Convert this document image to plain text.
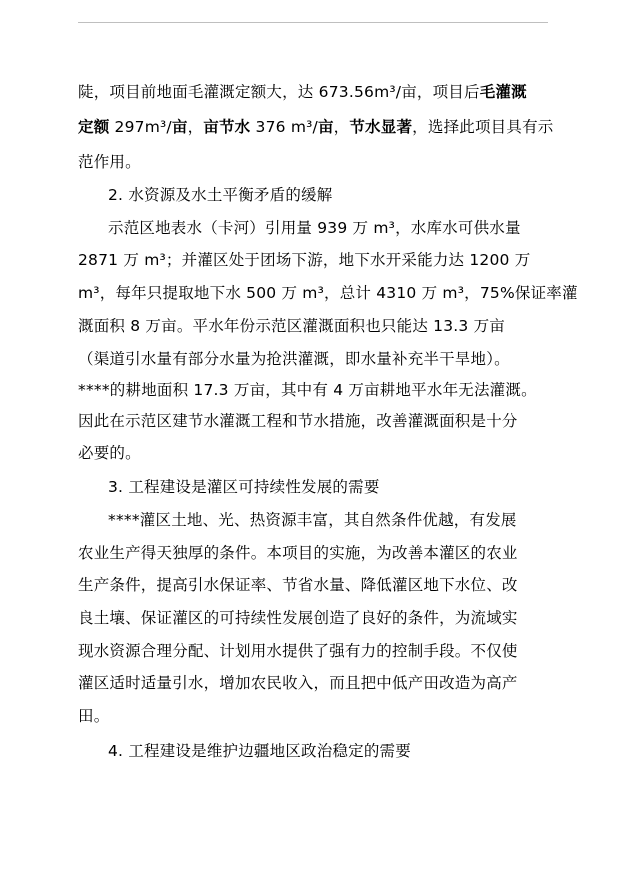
陡，项目前地面毛灌溉定额大，达 673.56m³/亩，项目后毛灌溉
定额 297m³/亩，亩节水 376 m³/亩，节水显著，选择此项目具有示
范作用。
2. 水资源及水土平衡矛盾的缓解
示范区地表水（卡河）引用量 939 万 m³，水库水可供水量
2871 万 m³；并灌区处于团场下游，地下水开采能力达 1200 万
m³，每年只提取地下水 500 万 m³，总计 4310 万 m³，75%保证率灌
溉面积 8 万亩。平水年份示范区灌溉面积也只能达 13.3 万亩
（渠道引水量有部分水量为抢洪灌溉，即水量补充半干旱地）。
****的耕地面积 17.3 万亩，其中有 4 万亩耕地平水年无法灌溉。
因此在示范区建节水灌溉工程和节水措施，改善灌溉面积是十分
必要的。
3. 工程建设是灌区可持续性发展的需要
****灌区土地、光、热资源丰富，其自然条件优越，有发展
农业生产得天独厚的条件。本项目的实施，为改善本灌区的农业
生产条件，提高引水保证率、节省水量、降低灌区地下水位、改
良土壤、保证灌区的可持续性发展创造了良好的条件，为流域实
现水资源合理分配、计划用水提供了强有力的控制手段。不仅使
灌区适时适量引水，增加农民收入，而且把中低产田改造为高产
田。
4. 工程建设是维护边疆地区政治稳定的需要
